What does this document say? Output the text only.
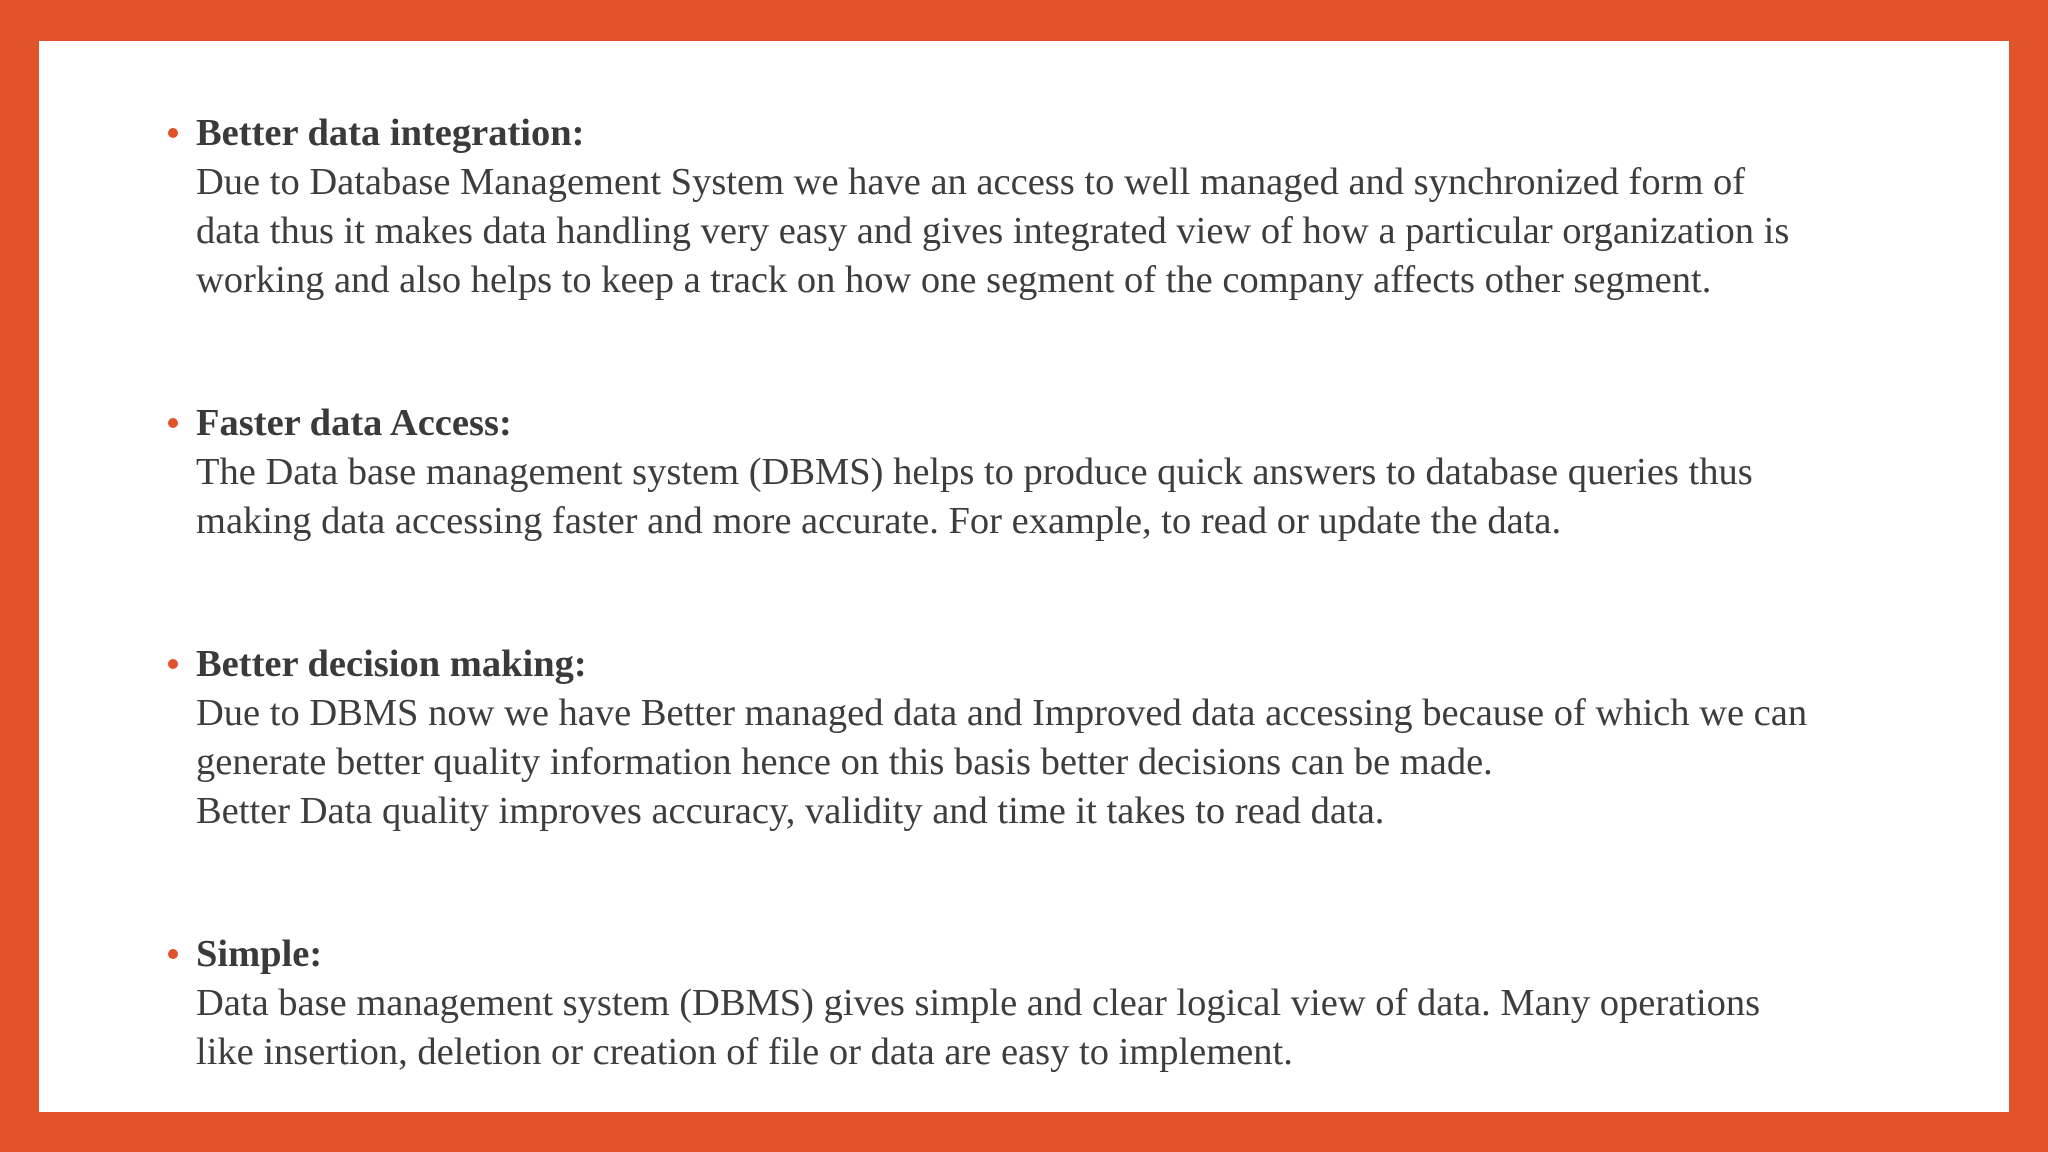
Better data integration:
Due to Database Management System we have an access to well managed and synchronized form of
data thus it makes data handling very easy and gives integrated view of how a particular organization is
working and also helps to keep a track on how one segment of the company affects other segment.
Faster data Access:
The Data base management system (DBMS) helps to produce quick answers to database queries thus
making data accessing faster and more accurate. For example, to read or update the data.
Better decision making:
Due to DBMS now we have Better managed data and Improved data accessing because of which we can
generate better quality information hence on this basis better decisions can be made.
Better Data quality improves accuracy, validity and time it takes to read data.
Simple:
Data base management system (DBMS) gives simple and clear logical view of data. Many operations
like insertion, deletion or creation of file or data are easy to implement.
